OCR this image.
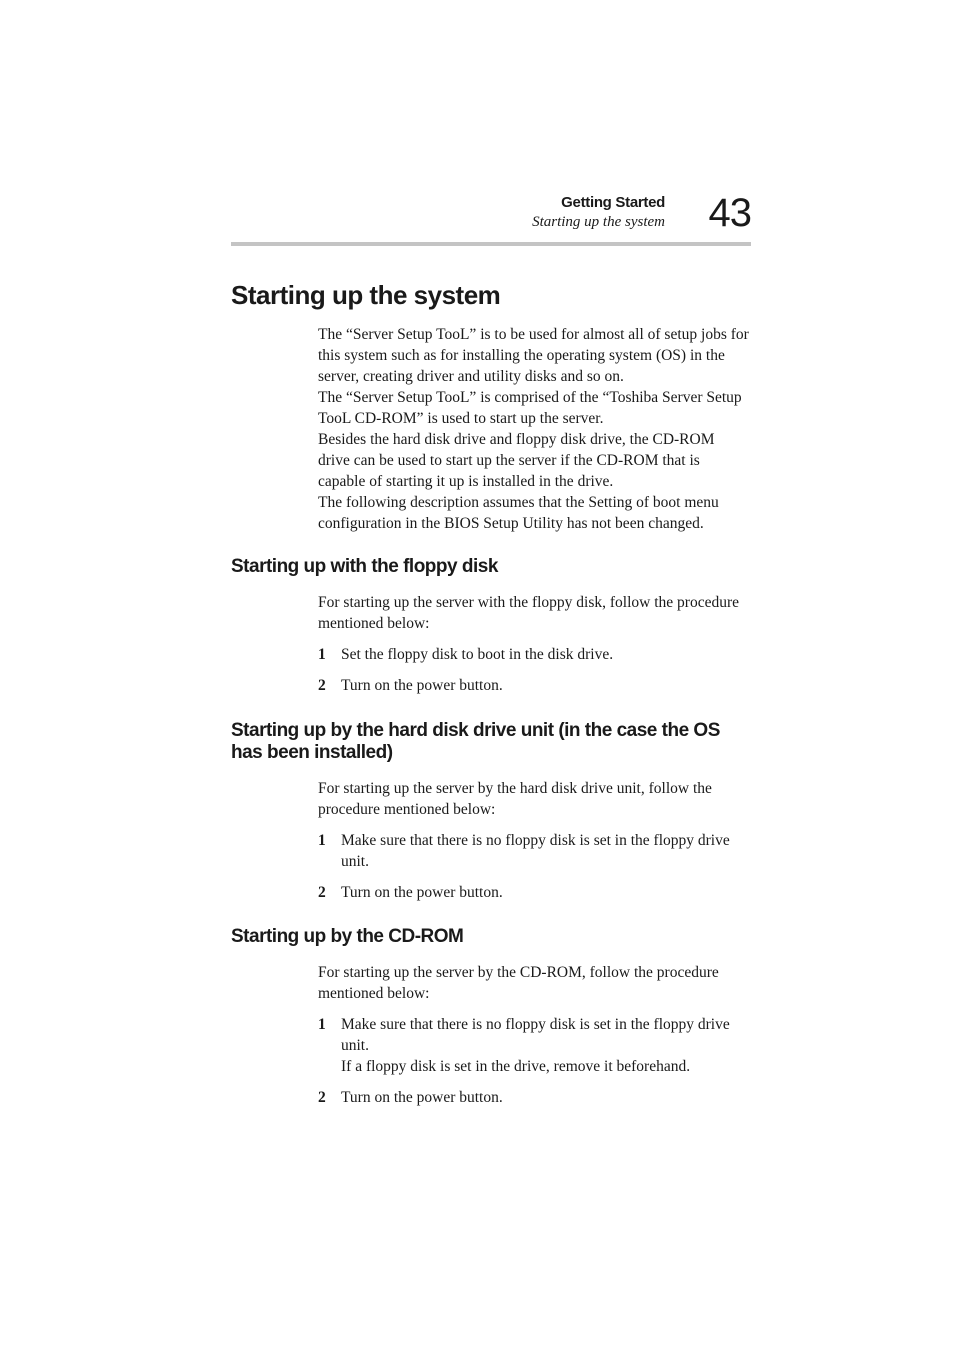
Getting Started
Starting up the system 43
Starting up the system

The “Server Setup TooL” is to be used for almost all of setup jobs for this system such as for installing the operating system (OS) in the server, creating driver and utility disks and so on.

The “Server Setup TooL” is comprised of the “Toshiba Server Setup TooL CD-ROM” is used to start up the server.

Besides the hard disk drive and floppy disk drive, the CD-ROM drive can be used to start up the server if the CD-ROM that is capable of starting it up is installed in the drive.

The following description assumes that the Setting of boot menu configuration in the BIOS Setup Utility has not been changed.

Starting up with the floppy disk
For starting up the server with the floppy disk, follow the procedure mentioned below:
1 Set the floppy disk to boot in the disk drive.
2 Turn on the power button.
Starting up by the hard disk drive unit (in the case the OS has been installed)
For starting up the server by the hard disk drive unit, follow the procedure mentioned below:
1 Make sure that there is no floppy disk is set in the floppy drive unit.
2 Turn on the power button.
Starting up by the CD-ROM
For starting up the server by the CD-ROM, follow the procedure mentioned below:
1 Make sure that there is no floppy disk is set in the floppy drive unit.
If a floppy disk is set in the drive, remove it beforehand.
2 Turn on the power button.
